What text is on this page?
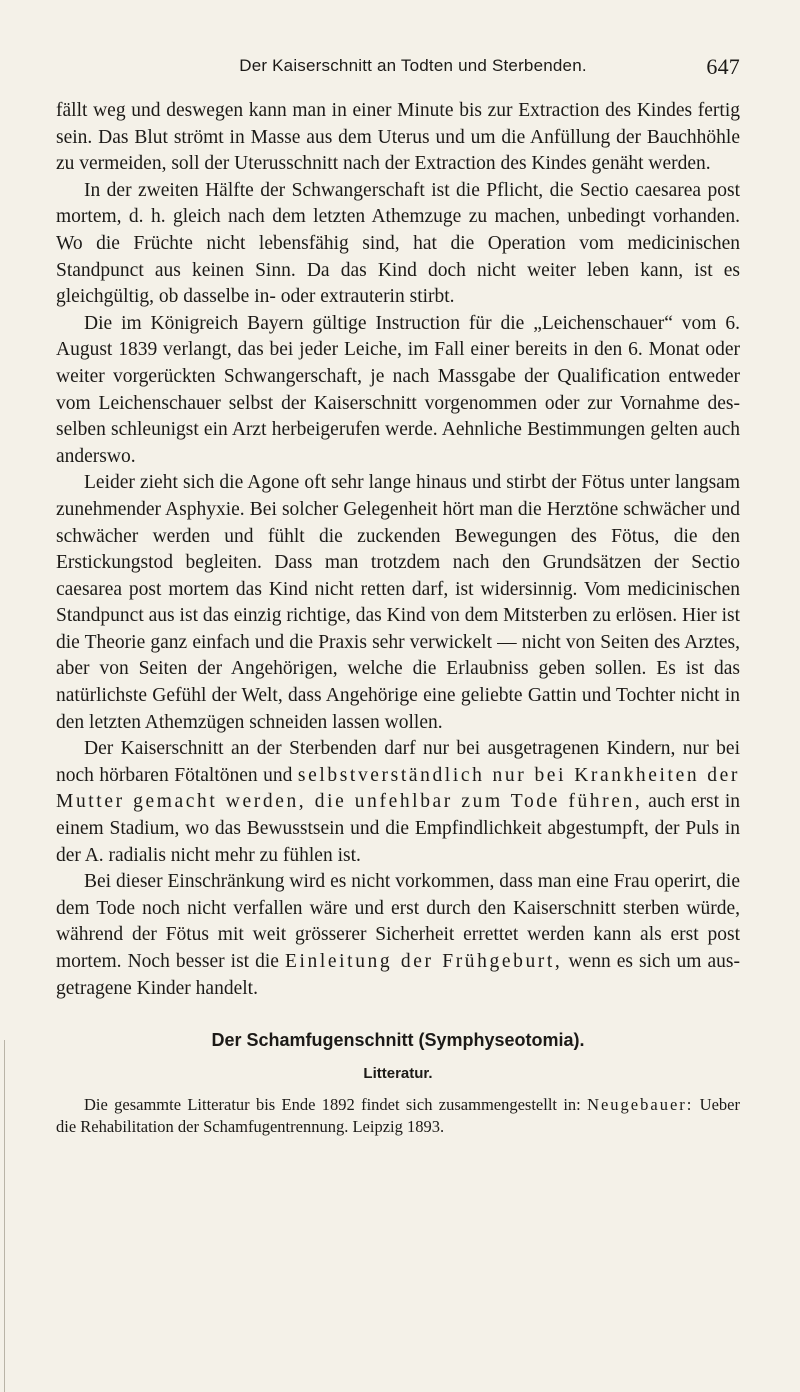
Der Kaiserschnitt an Todten und Sterbenden.	647

fällt weg und deswegen kann man in einer Minute bis zur Extraction des Kindes fertig sein. Das Blut strömt in Masse aus dem Uterus und um die Anfüllung der Bauchhöhle zu vermeiden, soll der Uterusschnitt nach der Extraction des Kindes genäht werden.

In der zweiten Hälfte der Schwangerschaft ist die Pflicht, die Sectio caesarea post mortem, d. h. gleich nach dem letzten Athemzuge zu machen, unbedingt vorhanden. Wo die Früchte nicht lebensfähig sind, hat die Operation vom medicinischen Standpunct aus keinen Sinn. Da das Kind doch nicht weiter leben kann, ist es gleichgültig, ob dasselbe in- oder extrauterin stirbt.

Die im Königreich Bayern gültige Instruction für die „Leichenschauer“ vom 6. August 1839 verlangt, das bei jeder Leiche, im Fall einer bereits in den 6. Monat oder weiter vorgerückten Schwangerschaft, je nach Massgabe der Qualification entweder vom Leichenschauer selbst der Kaiserschnitt vorgenommen oder zur Vornahme desselben schleunigst ein Arzt herbeigerufen werde. Aehnliche Bestimmungen gelten auch anderswo.

Leider zieht sich die Agone oft sehr lange hinaus und stirbt der Fötus unter langsam zunehmender Asphyxie. Bei solcher Gelegenheit hört man die Herztöne schwächer und schwächer werden und fühlt die zuckenden Bewegungen des Fötus, die den Erstickungstod begleiten. Dass man trotzdem nach den Grundsätzen der Sectio caesarea post mortem das Kind nicht retten darf, ist widersinnig. Vom medicinischen Standpunct aus ist das einzig richtige, das Kind von dem Mitsterben zu erlösen. Hier ist die Theorie ganz einfach und die Praxis sehr verwickelt — nicht von Seiten des Arztes, aber von Seiten der Angehörigen, welche die Erlaubniss geben sollen. Es ist das natürlichste Gefühl der Welt, dass Angehörige eine geliebte Gattin und Tochter nicht in den letzten Athemzügen schneiden lassen wollen.

Der Kaiserschnitt an der Sterbenden darf nur bei ausgetragenen Kindern, nur bei noch hörbaren Fötaltönen und selbstverständlich nur bei Krankheiten der Mutter gemacht werden, die unfehlbar zum Tode führen, auch erst in einem Stadium, wo das Bewusstsein und die Empfindlichkeit abgestumpft, der Puls in der A. radialis nicht mehr zu fühlen ist.

Bei dieser Einschränkung wird es nicht vorkommen, dass man eine Frau operirt, die dem Tode noch nicht verfallen wäre und erst durch den Kaiserschnitt sterben würde, während der Fötus mit weit grösserer Sicherheit errettet werden kann als erst post mortem. Noch besser ist die Einleitung der Frühgeburt, wenn es sich um ausgetragene Kinder handelt.

Der Schamfugenschnitt (Symphyseotomia).
Litteratur.

Die gesammte Litteratur bis Ende 1892 findet sich zusammengestellt in: Neugebauer: Ueber die Rehabilitation der Schamfugentrennung. Leipzig 1893.
